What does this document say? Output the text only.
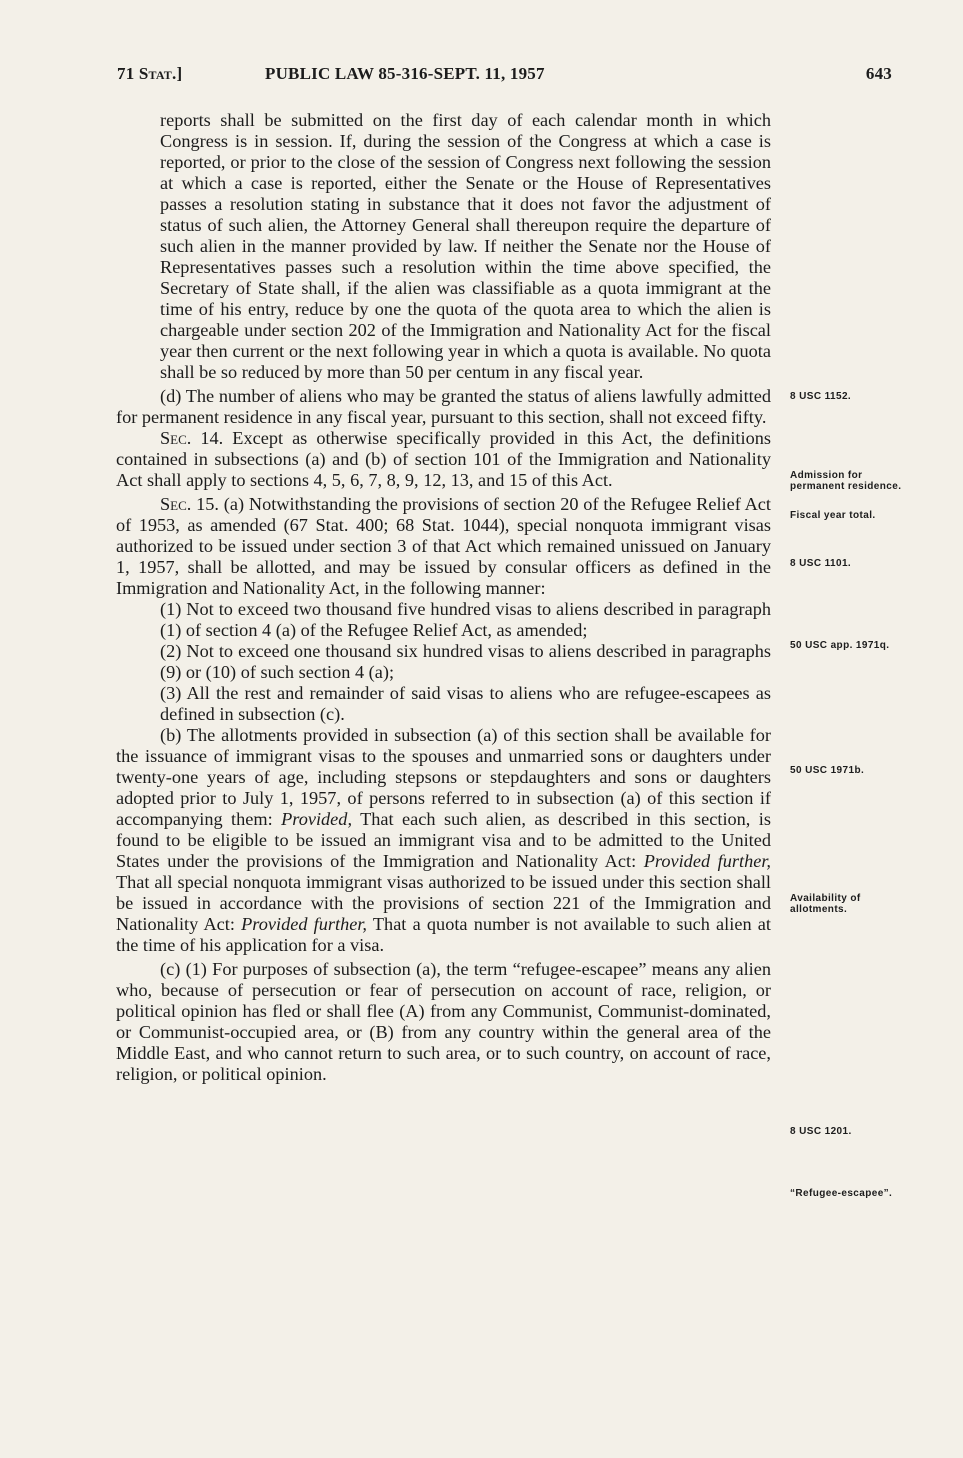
71 Stat.]	PUBLIC LAW 85-316-SEPT. 11, 1957	643

reports shall be submitted on the first day of each calendar month in which Congress is in session. If, during the session of the Congress at which a case is reported, or prior to the close of the session of Congress next following the session at which a case is reported, either the Senate or the House of Representatives passes a resolution stating in substance that it does not favor the adjustment of status of such alien, the Attorney General shall thereupon require the departure of such alien in the manner provided by law. If neither the Senate nor the House of Representatives passes such a resolution within the time above specified, the Secretary of State shall, if the alien was classifiable as a quota immigrant at the time of his entry, reduce by one the quota of the quota area to which the alien is chargeable under section 202 of the Immigration and Nationality Act for the fiscal year then current or the next following year in which a quota is available. No quota shall be so reduced by more than 50 per centum in any fiscal year.

(d) The number of aliens who may be granted the status of aliens lawfully admitted for permanent residence in any fiscal year, pursuant to this section, shall not exceed fifty.

Sec. 14. Except as otherwise specifically provided in this Act, the definitions contained in subsections (a) and (b) of section 101 of the Immigration and Nationality Act shall apply to sections 4, 5, 6, 7, 8, 9, 12, 13, and 15 of this Act.

Sec. 15. (a) Notwithstanding the provisions of section 20 of the Refugee Relief Act of 1953, as amended (67 Stat. 400; 68 Stat. 1044), special nonquota immigrant visas authorized to be issued under section 3 of that Act which remained unissued on January 1, 1957, shall be allotted, and may be issued by consular officers as defined in the Immigration and Nationality Act, in the following manner:

(1) Not to exceed two thousand five hundred visas to aliens described in paragraph (1) of section 4 (a) of the Refugee Relief Act, as amended;

(2) Not to exceed one thousand six hundred visas to aliens described in paragraphs (9) or (10) of such section 4 (a);

(3) All the rest and remainder of said visas to aliens who are refugee-escapees as defined in subsection (c).

(b) The allotments provided in subsection (a) of this section shall be available for the issuance of immigrant visas to the spouses and unmarried sons or daughters under twenty-one years of age, including stepsons or stepdaughters and sons or daughters adopted prior to July 1, 1957, of persons referred to in subsection (a) of this section if accompanying them: Provided, That each such alien, as described in this section, is found to be eligible to be issued an immigrant visa and to be admitted to the United States under the provisions of the Immigration and Nationality Act: Provided further, That all special nonquota immigrant visas authorized to be issued under this section shall be issued in accordance with the provisions of section 221 of the Immigration and Nationality Act: Provided further, That a quota number is not available to such alien at the time of his application for a visa.

(c) (1) For purposes of subsection (a), the term “refugee-escapee” means any alien who, because of persecution or fear of persecution on account of race, religion, or political opinion has fled or shall flee (A) from any Communist, Communist-dominated, or Communist-occupied area, or (B) from any country within the general area of the Middle East, and who cannot return to such area, or to such country, on account of race, religion, or political opinion.

8 USC 1152.
Admission for permanent residence.
Fiscal year total.
8 USC 1101.
50 USC app. 1971q.
50 USC 1971b.
Availability of allotments.
8 USC 1201.
“Refugee-escapee”.
